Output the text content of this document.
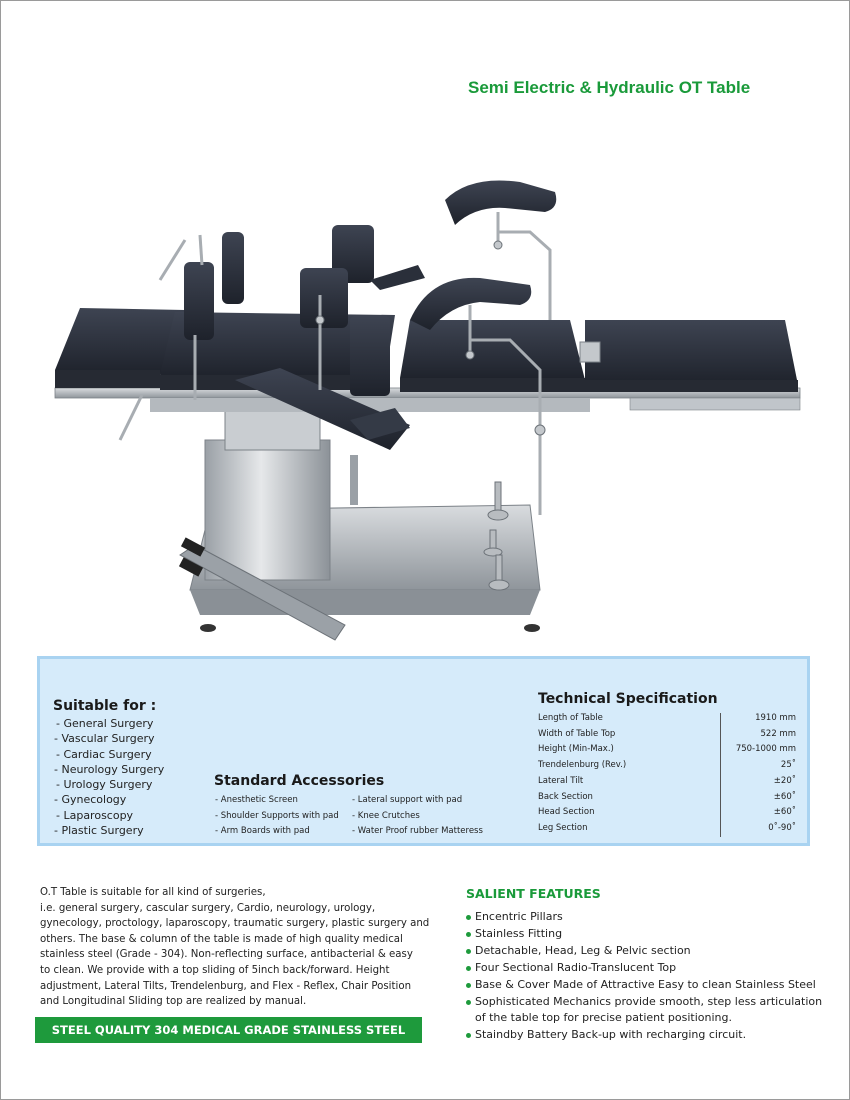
Semi Electric & Hydraulic OT Table
Suitable for :
- General Surgery
- Vascular Surgery
- Cardiac Surgery
- Neurology Surgery
- Urology Surgery
- Gynecology
- Laparoscopy
- Plastic Surgery
Standard Accessories
- Anesthetic Screen
- Shoulder Supports with pad
- Arm Boards with pad
- Lateral support with pad
- Knee Crutches
- Water Proof rubber Matteress
Technical Specification
Length of Table	1910 mm
Width of Table Top	522 mm
Height (Min-Max.)	750-1000 mm
Trendelenburg (Rev.)	25˚
Lateral Tilt	±20˚
Back Section	±60˚
Head Section	±60˚
Leg Section	0˚-90˚
O.T Table is suitable for all kind of surgeries,
i.e. general surgery, cascular surgery, Cardio, neurology, urology,
gynecology, proctology, laparoscopy, traumatic surgery, plastic surgery and
others. The base & column of the table is made of high quality medical
stainless steel (Grade - 304). Non-reflecting surface, antibacterial & easy
to clean. We provide with a top sliding of 5inch back/forward. Height
adjustment, Lateral Tilts, Trendelenburg, and Flex - Reflex, Chair Position
and Longitudinal Sliding top are realized by manual.
STEEL QUALITY 304 MEDICAL GRADE STAINLESS STEEL
SALIENT FEATURES
Encentric Pillars
Stainless Fitting
Detachable, Head, Leg & Pelvic section
Four Sectional Radio-Translucent Top
Base & Cover Made of Attractive Easy to clean Stainless Steel
Sophisticated Mechanics provide smooth, step less articulation of the table top for precise patient positioning.
Staindby Battery Back-up with recharging circuit.
